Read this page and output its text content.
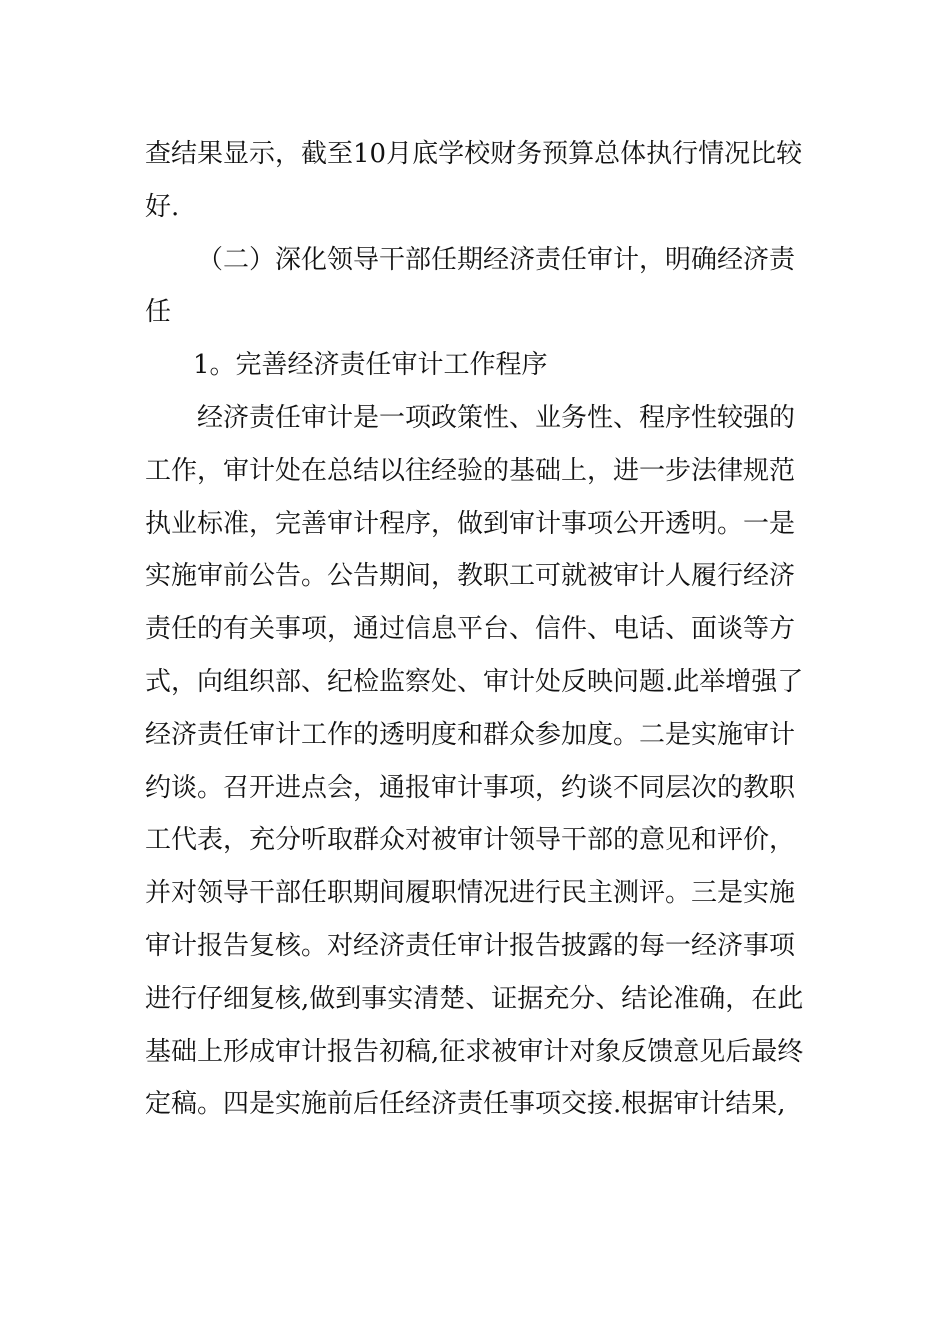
查结果显示，截至10月底学校财务预算总体执行情况比较
好.
（二）深化领导干部任期经济责任审计，明确经济责
任
1。完善经济责任审计工作程序
经济责任审计是一项政策性、业务性、程序性较强的
工作，审计处在总结以往经验的基础上，进一步法律规范
执业标准，完善审计程序，做到审计事项公开透明。一是
实施审前公告。公告期间，教职工可就被审计人履行经济
责任的有关事项，通过信息平台、信件、电话、面谈等方
式，向组织部、纪检监察处、审计处反映问题.此举增强了
经济责任审计工作的透明度和群众参加度。二是实施审计
约谈。召开进点会，通报审计事项，约谈不同层次的教职
工代表，充分听取群众对被审计领导干部的意见和评价，
并对领导干部任职期间履职情况进行民主测评。三是实施
审计报告复核。对经济责任审计报告披露的每一经济事项
进行仔细复核,做到事实清楚、证据充分、结论准确，在此
基础上形成审计报告初稿,征求被审计对象反馈意见后最终
定稿。四是实施前后任经济责任事项交接.根据审计结果,
